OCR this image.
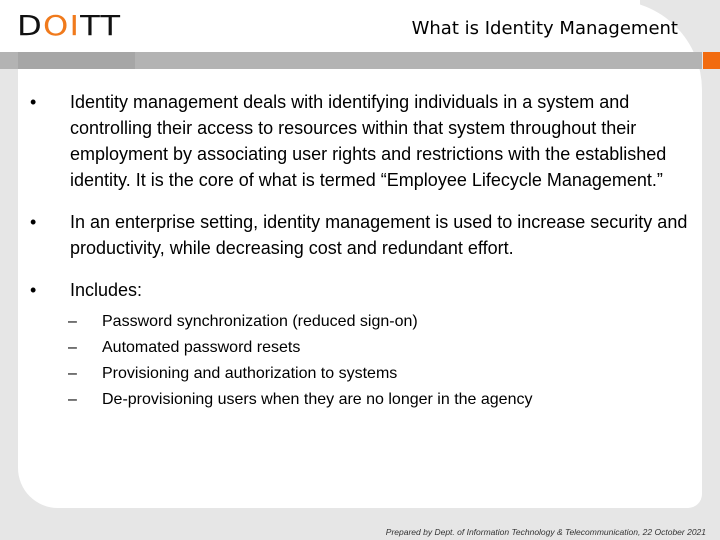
DOITT	What is Identity Management
•	Identity management deals with identifying individuals in a system and controlling their access to resources within that system throughout their employment by associating user rights and restrictions with the established identity. It is the core of what is termed “Employee Lifecycle Management.”
•	In an enterprise setting, identity management is used to increase security and productivity, while decreasing cost and redundant effort.
•	Includes:
–	Password synchronization (reduced sign-on)
–	Automated password resets
–	Provisioning and authorization to systems
–	De-provisioning users when they are no longer in the agency
Prepared by Dept. of Information Technology & Telecommunication, 22 October 2021
